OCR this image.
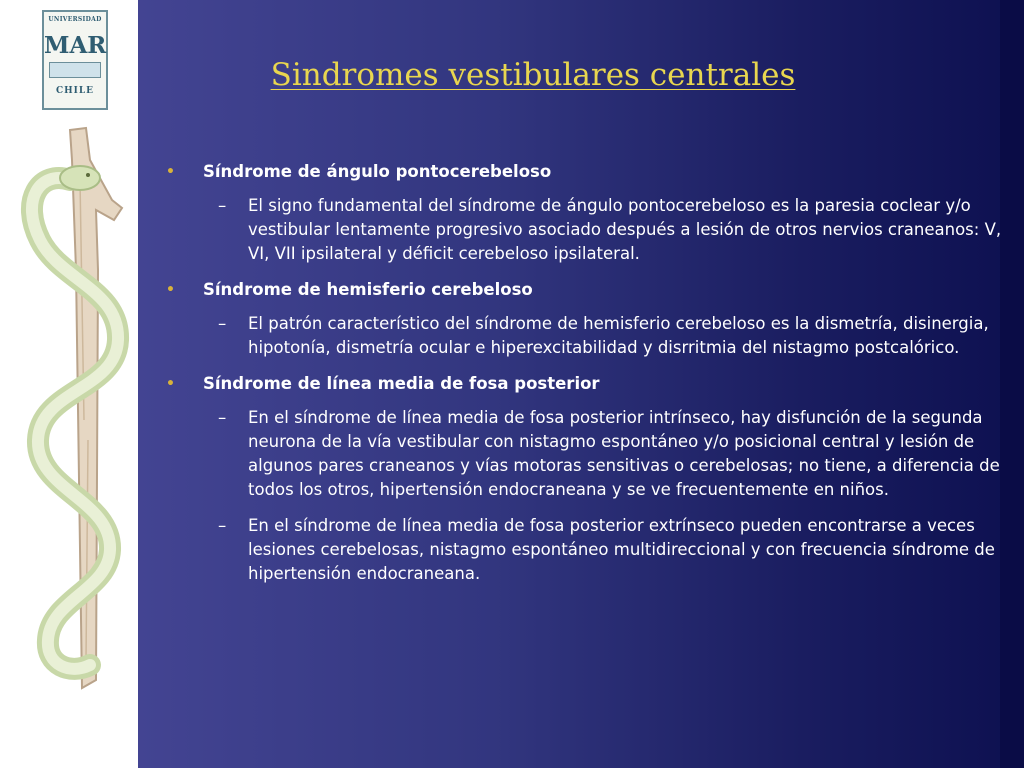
UNIVERSIDAD
MAR
CHILE	Sindromes vestibulares centrales
• Síndrome de ángulo pontocerebeloso
– El signo fundamental del síndrome de ángulo pontocerebeloso es la paresia coclear y/o vestibular lentamente progresivo asociado después a lesión de otros nervios craneanos: V, VI, VII ipsilateral y déficit cerebeloso ipsilateral.
• Síndrome de hemisferio cerebeloso
– El patrón característico del síndrome de hemisferio cerebeloso es la dismetría, disinergia, hipotonía, dismetría ocular e hiperexcitabilidad y disrritmia del nistagmo postcalórico.
• Síndrome de línea media de fosa posterior
– En el síndrome de línea media de fosa posterior intrínseco, hay disfunción de la segunda neurona de la vía vestibular con nistagmo espontáneo y/o posicional central y lesión de algunos pares craneanos y vías motoras sensitivas o cerebelosas; no tiene, a diferencia de todos los otros, hipertensión endocraneana y se ve frecuentemente en niños.
– En el síndrome de línea media de fosa posterior extrínseco pueden encontrarse a veces lesiones cerebelosas, nistagmo espontáneo multidireccional y con frecuencia síndrome de hipertensión endocraneana.
